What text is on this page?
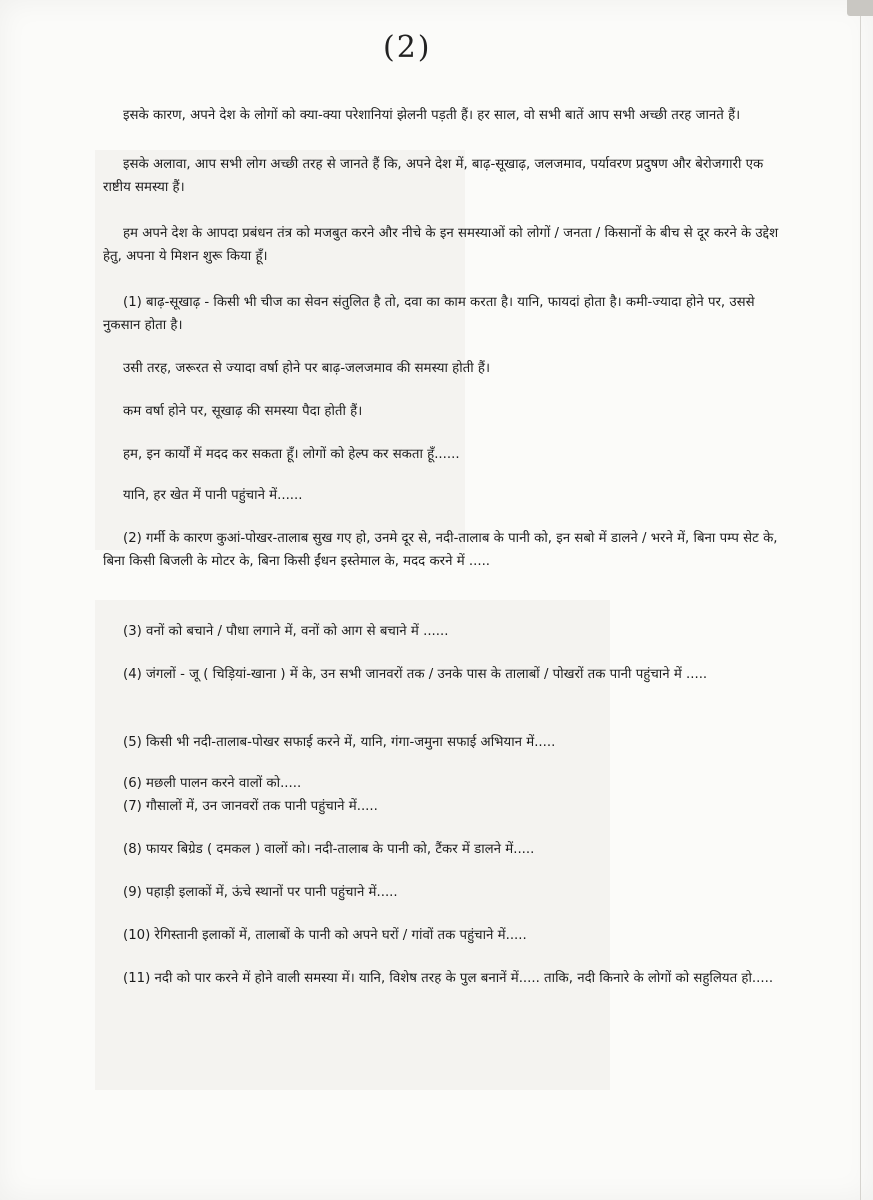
(2)

इसके कारण, अपने देश के लोगों को क्या-क्या परेशानियां झेलनी पड़ती हैं। हर साल, वो सभी बातें आप सभी अच्छी तरह जानते हैं।

इसके अलावा, आप सभी लोग अच्छी तरह से जानते हैं कि, अपने देश में, बाढ़-सूखाढ़, जलजमाव, पर्यावरण प्रदुषण और बेरोजगारी एक राष्टीय समस्या हैं।

हम अपने देश के आपदा प्रबंधन तंत्र को मजबुत करने और नीचे के इन समस्याओं को लोगों / जनता / किसानों के बीच से दूर करने के उद्देश हेतु, अपना ये मिशन शुरू किया हूँ।

(1) बाढ़-सूखाढ़ - किसी भी चीज का सेवन संतुलित है तो, दवा का काम करता है। यानि, फायदां होता है। कमी-ज्यादा होने पर, उससे नुकसान होता है।

उसी तरह, जरूरत से ज्यादा वर्षा होने पर बाढ़-जलजमाव की समस्या होती हैं।

कम वर्षा होने पर, सूखाढ़ की समस्या पैदा होती हैं।

हम, इन कार्यों में मदद कर सकता हूँ। लोगों को हेल्प कर सकता हूँ......

यानि, हर खेत में पानी पहुंचाने में......

(2) गर्मी के कारण कुआं-पोखर-तालाब सुख गए हो, उनमे दूर से, नदी-तालाब के पानी को, इन सबो में डालने / भरने में, बिना पम्प सेट के, बिना किसी बिजली के मोटर के, बिना किसी ईंधन इस्तेमाल के, मदद करने में .....

(3) वनों को बचाने / पौधा लगाने में, वनों को आग से बचाने में ......

(4) जंगलों - जू ( चिड़ियां-खाना ) में के, उन सभी जानवरों तक / उनके पास के तालाबों / पोखरों तक पानी पहुंचाने में .....

(5) किसी भी नदी-तालाब-पोखर सफाई करने में, यानि, गंगा-जमुना सफाई अभियान में.....

(6) मछली पालन करने वालों को.....

(7) गौसालों में, उन जानवरों तक पानी पहुंचाने में.....

(8) फायर बिग्रेड ( दमकल ) वालों को। नदी-तालाब के पानी को, टैंकर में डालने में.....

(9) पहाड़ी इलाकों में, ऊंचे स्थानों पर पानी पहुंचाने में.....

(10) रेगिस्तानी इलाकों में, तालाबों के पानी को अपने घरों / गांवों तक पहुंचाने में.....

(11) नदी को पार करने में होने वाली समस्या में। यानि, विशेष तरह के पुल बनानें में..... ताकि, नदी किनारे के लोगों को सहुलियत हो.....
